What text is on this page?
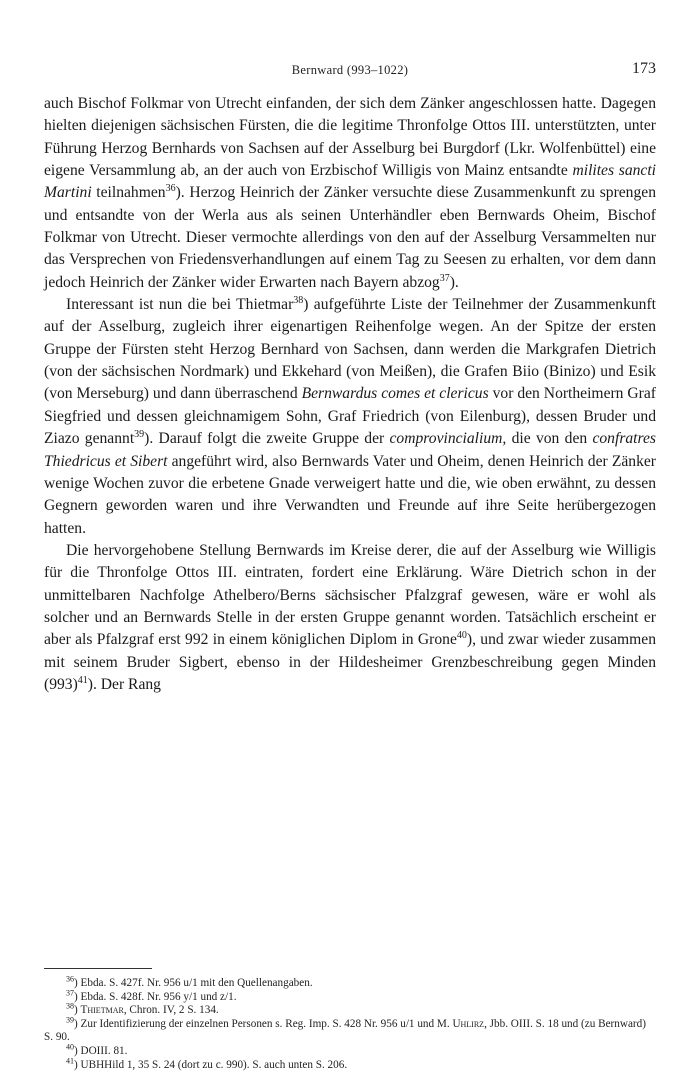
Bernward (993–1022)	173

auch Bischof Folkmar von Utrecht einfanden, der sich dem Zänker angeschlossen hatte. Dagegen hielten diejenigen sächsischen Fürsten, die die legitime Thronfolge Ottos III. unterstützten, unter Führung Herzog Bernhards von Sachsen auf der Asselburg bei Burgdorf (Lkr. Wolfenbüttel) eine eigene Versammlung ab, an der auch von Erzbischof Willigis von Mainz entsandte milites sancti Martini teilnahmen$^{36}$). Herzog Heinrich der Zänker versuchte diese Zusammenkunft zu sprengen und entsandte von der Werla aus als seinen Unterhändler eben Bernwards Oheim, Bischof Folkmar von Utrecht. Dieser vermochte allerdings von den auf der Asselburg Versammelten nur das Versprechen von Friedensverhandlungen auf einem Tag zu Seesen zu erhalten, vor dem dann jedoch Heinrich der Zänker wider Erwarten nach Bayern abzog$^{37}$).

Interessant ist nun die bei Thietmar$^{38}$) aufgeführte Liste der Teilnehmer der Zusammenkunft auf der Asselburg, zugleich ihrer eigenartigen Reihenfolge wegen. An der Spitze der ersten Gruppe der Fürsten steht Herzog Bernhard von Sachsen, dann werden die Markgrafen Dietrich (von der sächsischen Nordmark) und Ekkehard (von Meißen), die Grafen Biio (Binizo) und Esik (von Merseburg) und dann überraschend Bernwardus comes et clericus vor den Northeimern Graf Siegfried und dessen gleichnamigem Sohn, Graf Friedrich (von Eilenburg), dessen Bruder und Ziazo genannt$^{39}$). Darauf folgt die zweite Gruppe der comprovincialium, die von den confratres Thiedricus et Sibert angeführt wird, also Bernwards Vater und Oheim, denen Heinrich der Zänker wenige Wochen zuvor die erbetene Gnade verweigert hatte und die, wie oben erwähnt, zu dessen Gegnern geworden waren und ihre Verwandten und Freunde auf ihre Seite herübergezogen hatten.

Die hervorgehobene Stellung Bernwards im Kreise derer, die auf der Asselburg wie Willigis für die Thronfolge Ottos III. eintraten, fordert eine Erklärung. Wäre Dietrich schon in der unmittelbaren Nachfolge Athelbero/Berns sächsischer Pfalzgraf gewesen, wäre er wohl als solcher und an Bernwards Stelle in der ersten Gruppe genannt worden. Tatsächlich erscheint er aber als Pfalzgraf erst 992 in einem königlichen Diplom in Grone$^{40}$), und zwar wieder zusammen mit seinem Bruder Sigbert, ebenso in der Hildesheimer Grenzbeschreibung gegen Minden $(993)^{41}$). Der Rang

$^{36}$) Ebda. S. 427f. Nr. 956 u/1 mit den Quellenangaben.
$^{37}$) Ebda. S. 428f. Nr. 956 y/1 und z/1.
$^{38}$) Thietmar, Chron. IV, 2 S. 134.
$^{39}$) Zur Identifizierung der einzelnen Personen s. Reg. Imp. S. 428 Nr. 956 u/1 und M. Uhlirz, Jbb. OIII. S. 18 und (zu Bernward) S. 90.
$^{40}$) DOIII. 81.
$^{41}$) UBHHild 1, 35 S. 24 (dort zu c. 990). S. auch unten S. 206.
